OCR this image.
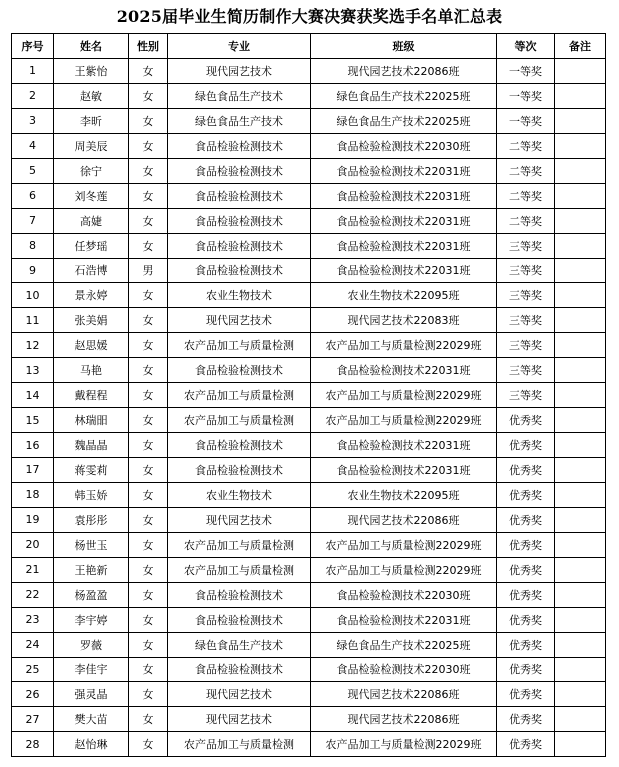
2025届毕业生简历制作大赛决赛获奖选手名单汇总表
序号	姓名	性别	专业	班级	等次	备注
1	王紫怡	女	现代园艺技术	现代园艺技术22086班	一等奖	
2	赵敏	女	绿色食品生产技术	绿色食品生产技术22025班	一等奖	
3	李昕	女	绿色食品生产技术	绿色食品生产技术22025班	一等奖	
4	周美辰	女	食品检验检测技术	食品检验检测技术22030班	二等奖	
5	徐宁	女	食品检验检测技术	食品检验检测技术22031班	二等奖	
6	刘冬莲	女	食品检验检测技术	食品检验检测技术22031班	二等奖	
7	高婕	女	食品检验检测技术	食品检验检测技术22031班	二等奖	
8	任梦瑶	女	食品检验检测技术	食品检验检测技术22031班	三等奖	
9	石浩博	男	食品检验检测技术	食品检验检测技术22031班	三等奖	
10	景永婷	女	农业生物技术	农业生物技术22095班	三等奖	
11	张美娟	女	现代园艺技术	现代园艺技术22083班	三等奖	
12	赵思媛	女	农产品加工与质量检测	农产品加工与质量检测22029班	三等奖	
13	马艳	女	食品检验检测技术	食品检验检测技术22031班	三等奖	
14	戴程程	女	农产品加工与质量检测	农产品加工与质量检测22029班	三等奖	
15	林瑞昍	女	农产品加工与质量检测	农产品加工与质量检测22029班	优秀奖	
16	魏晶晶	女	食品检验检测技术	食品检验检测技术22031班	优秀奖	
17	蒋雯莉	女	食品检验检测技术	食品检验检测技术22031班	优秀奖	
18	韩玉娇	女	农业生物技术	农业生物技术22095班	优秀奖	
19	袁彤彤	女	现代园艺技术	现代园艺技术22086班	优秀奖	
20	杨世玉	女	农产品加工与质量检测	农产品加工与质量检测22029班	优秀奖	
21	王艳新	女	农产品加工与质量检测	农产品加工与质量检测22029班	优秀奖	
22	杨盈盈	女	食品检验检测技术	食品检验检测技术22030班	优秀奖	
23	李宇婷	女	食品检验检测技术	食品检验检测技术22031班	优秀奖	
24	罗薇	女	绿色食品生产技术	绿色食品生产技术22025班	优秀奖	
25	李佳宇	女	食品检验检测技术	食品检验检测技术22030班	优秀奖	
26	强灵晶	女	现代园艺技术	现代园艺技术22086班	优秀奖	
27	樊大苗	女	现代园艺技术	现代园艺技术22086班	优秀奖	
28	赵怡琳	女	农产品加工与质量检测	农产品加工与质量检测22029班	优秀奖	
